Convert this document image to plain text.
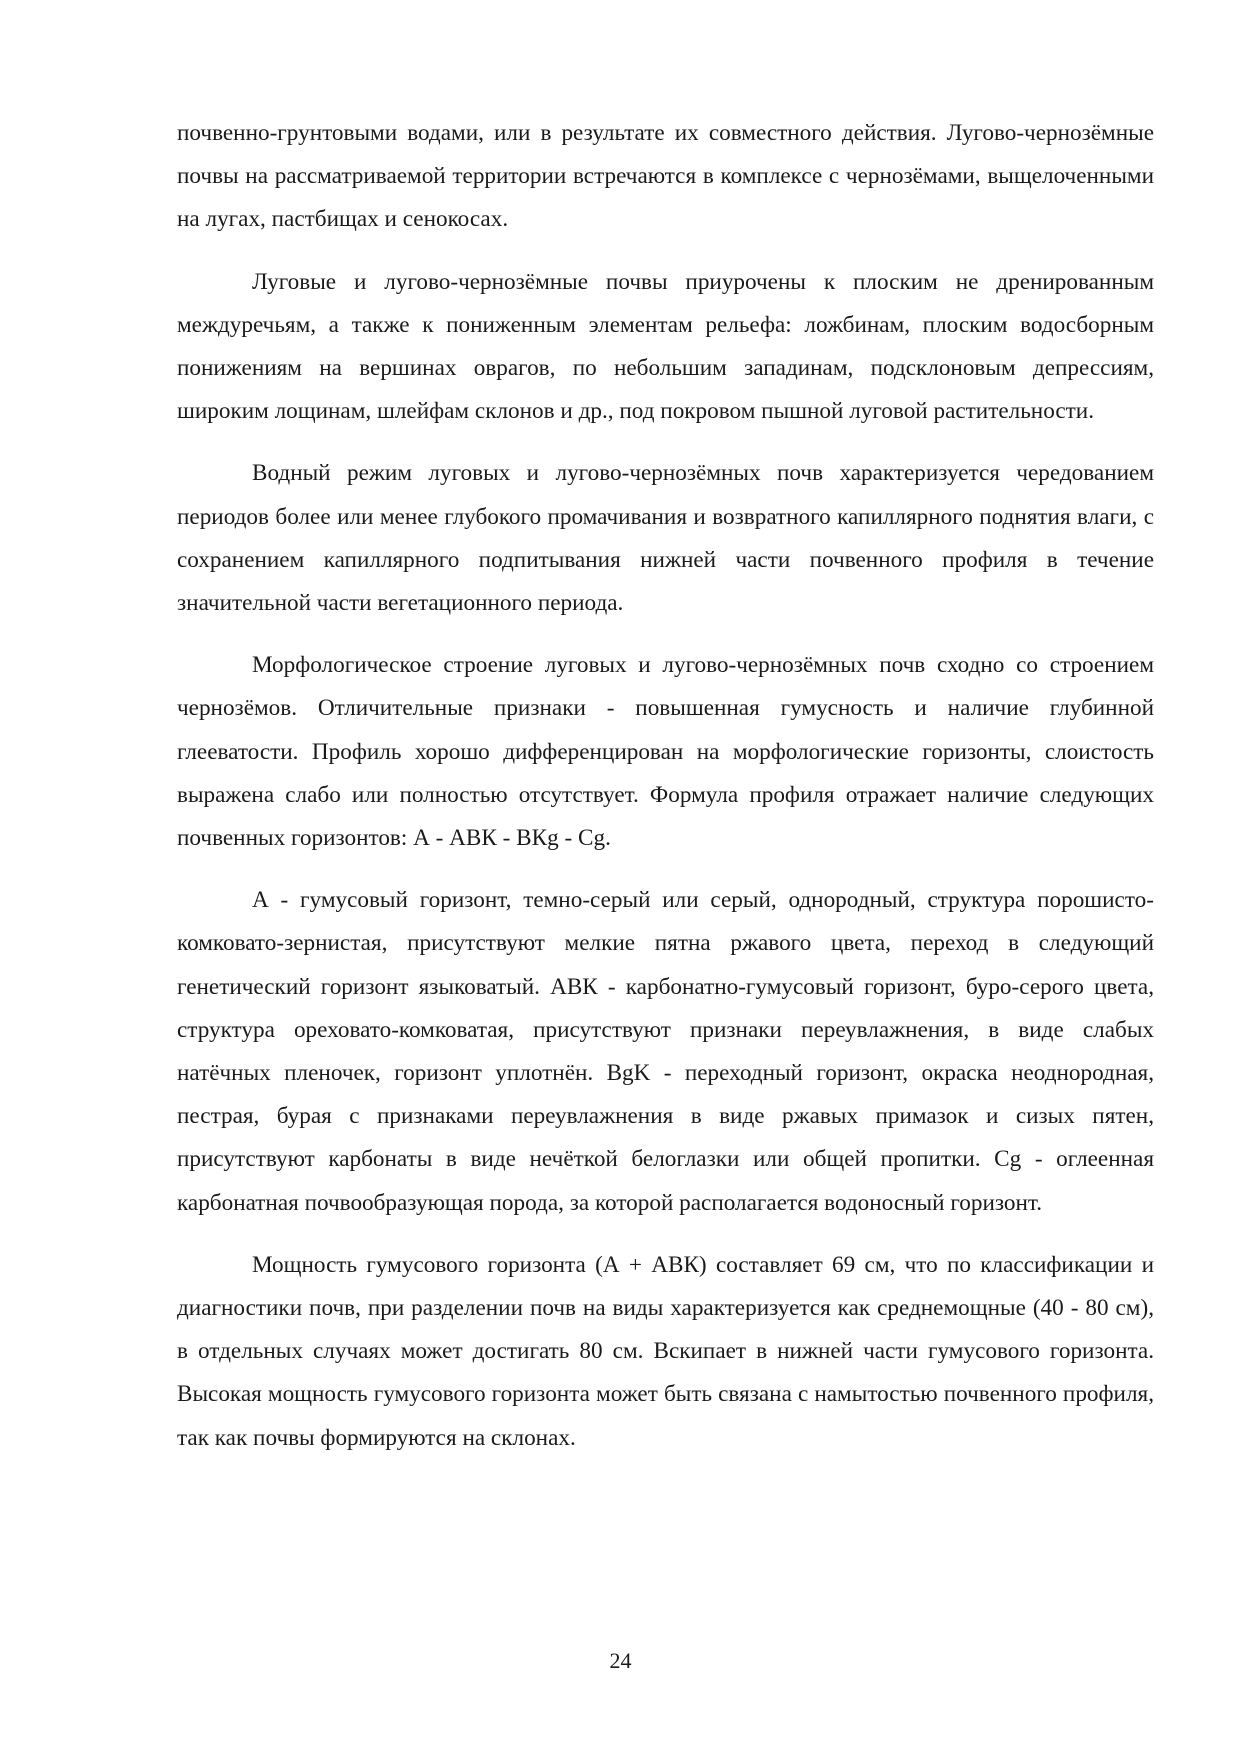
почвенно-грунтовыми водами, или в результате их совместного действия. Лугово-чернозёмные почвы на рассматриваемой территории встречаются в комплексе с чернозёмами, выщелоченными на лугах, пастбищах и сенокосах.

Луговые и лугово-чернозёмные почвы приурочены к плоским не дренированным междуречьям, а также к пониженным элементам рельефа: ложбинам, плоским водосборным понижениям на вершинах оврагов, по небольшим западинам, подсклоновым депрессиям, широким лощинам, шлейфам склонов и др., под покровом пышной луговой растительности.

Водный режим луговых и лугово-чернозёмных почв характеризуется чередованием периодов более или менее глубокого промачивания и возвратного капиллярного поднятия влаги, с сохранением капиллярного подпитывания нижней части почвенного профиля в течение значительной части вегетационного периода.

Морфологическое строение луговых и лугово-чернозёмных почв сходно со строением чернозёмов. Отличительные признаки - повышенная гумусность и наличие глубинной глееватости. Профиль хорошо дифференцирован на морфологические горизонты, слоистость выражена слабо или полностью отсутствует. Формула профиля отражает наличие следующих почвенных горизонтов: А - АВК - ВКg - Сg.

А - гумусовый горизонт, темно-серый или серый, однородный, структура порошисто-комковато-зернистая, присутствуют мелкие пятна ржавого цвета, переход в следующий генетический горизонт языковатый. АВК - карбонатно-гумусовый горизонт, буро-серого цвета, структура ореховато-комковатая, присутствуют признаки переувлажнения, в виде слабых натёчных пленочек, горизонт уплотнён. BgK - переходный горизонт, окраска неоднородная, пестрая, бурая с признаками переувлажнения в виде ржавых примазок и сизых пятен, присутствуют карбонаты в виде нечёткой белоглазки или общей пропитки. Cg - оглеенная карбонатная почвообразующая порода, за которой располагается водоносный горизонт.

Мощность гумусового горизонта (А + АВК) составляет 69 см, что по классификации и диагностики почв, при разделении почв на виды характеризуется как среднемощные (40 - 80 см), в отдельных случаях может достигать 80 см. Вскипает в нижней части гумусового горизонта. Высокая мощность гумусового горизонта может быть связана с намытостью почвенного профиля, так как почвы формируются на склонах.

24
